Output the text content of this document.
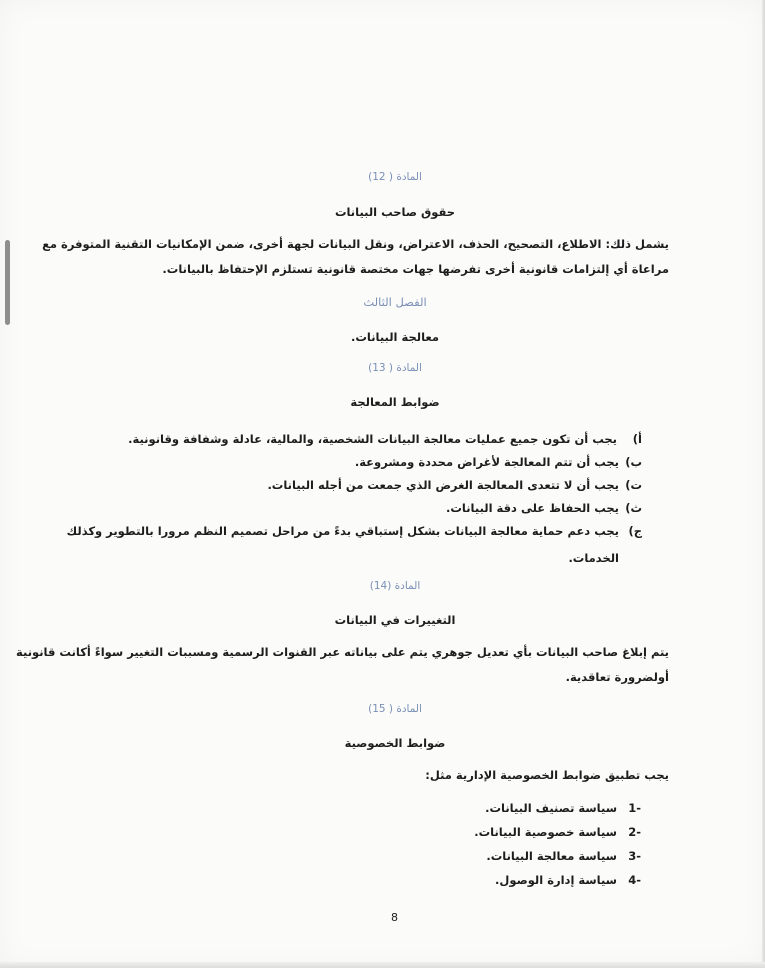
المادة ( 12)
حقوق صاحب البيانات
يشمل ذلك: الاطلاع، التصحيح، الحذف، الاعتراض، ونقل البيانات لجهة أخرى، ضمن الإمكانيات التقنية المتوفرة مع
مراعاة أي إلتزامات قانونية أخرى تفرضها جهات مختصة قانونية تستلزم الإحتفاظ بالبيانات.
الفصل الثالث
معالجة البيانات.
المادة ( 13)
ضوابط المعالجة
أ)
يجب أن تكون جميع عمليات معالجة البيانات الشخصية، والمالية، عادلة وشفافة وقانونية.
ب)
يجب أن تتم المعالجة لأغراض محددة ومشروعة.
ت)
يجب أن لا تتعدى المعالجة الغرض الذي جمعت من أجله البيانات.
ث)
يجب الحفاظ على دقة البيانات.
ج)
يجب دعم حماية معالجة البيانات بشكل إستباقي بدءً من مراحل تصميم النظم مرورا بالتطوير وكذلك
الخدمات.
المادة (14)
التغييرات في البيانات
يتم إبلاغ صاحب البيانات بأي تعديل جوهري يتم على بياناته عبر القنوات الرسمية ومسببات التغيير سواءً أكانت قانونية
أولضرورة تعاقدية.
المادة ( 15)
ضوابط الخصوصية
يجب تطبيق ضوابط الخصوصية الإدارية مثل:
-1
سياسة تصنيف البيانات.
-2
سياسة خصوصية البيانات.
-3
سياسة معالجة البيانات.
-4
سياسة إدارة الوصول.
8
